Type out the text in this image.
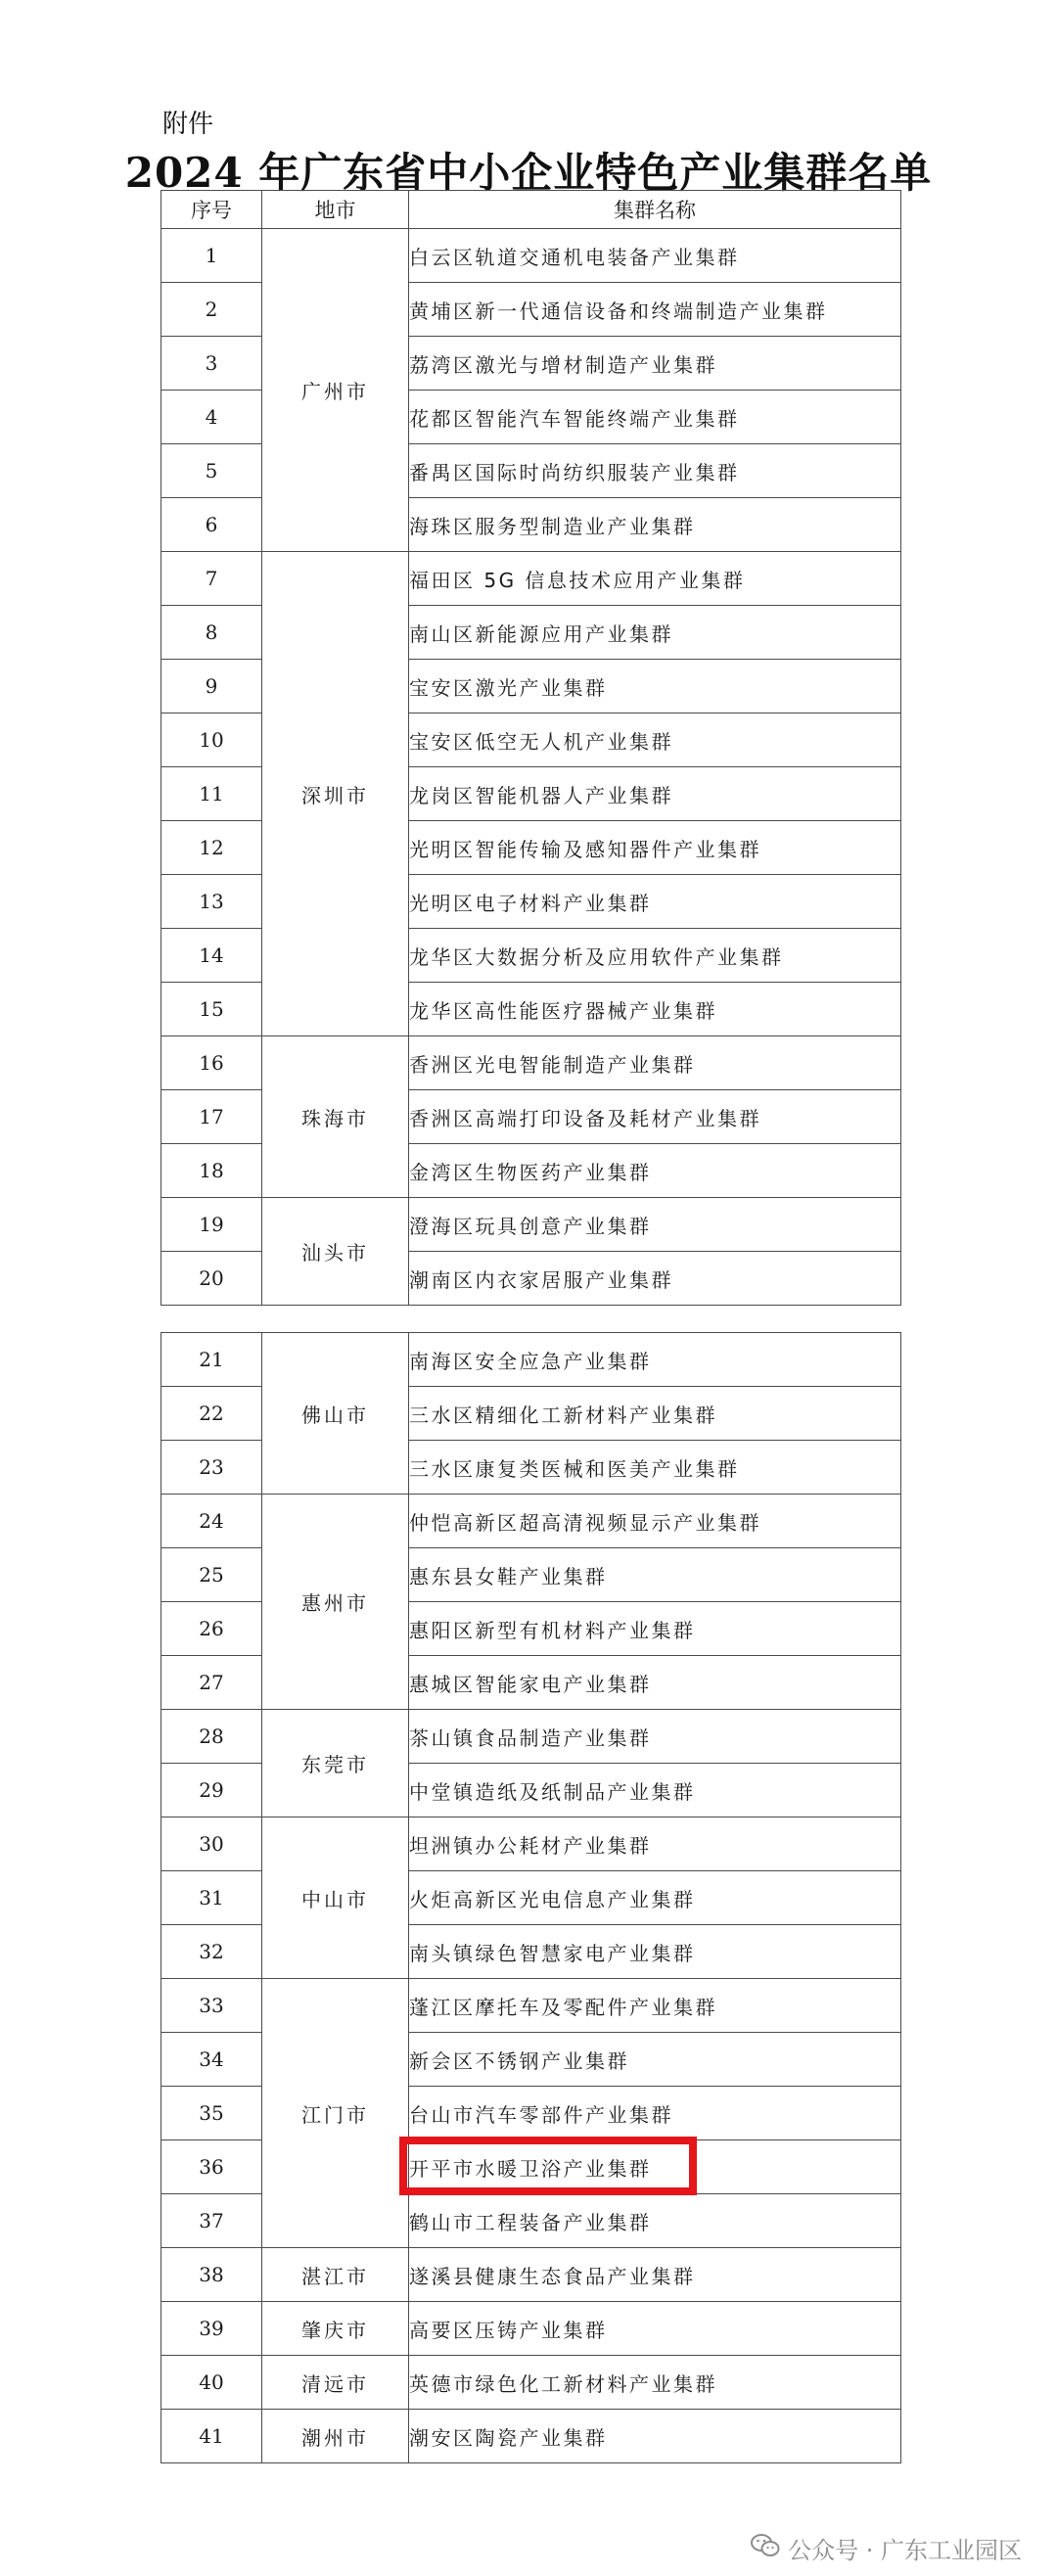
附件
2024 年广东省中小企业特色产业集群名单
序号	地市	集群名称
1	广州市	白云区轨道交通机电装备产业集群
2		黄埔区新一代通信设备和终端制造产业集群
3		荔湾区激光与增材制造产业集群
4		花都区智能汽车智能终端产业集群
5		番禺区国际时尚纺织服装产业集群
6		海珠区服务型制造业产业集群
7	深圳市	福田区 5G 信息技术应用产业集群
8		南山区新能源应用产业集群
9		宝安区激光产业集群
10		宝安区低空无人机产业集群
11		龙岗区智能机器人产业集群
12		光明区智能传输及感知器件产业集群
13		光明区电子材料产业集群
14		龙华区大数据分析及应用软件产业集群
15		龙华区高性能医疗器械产业集群
16	珠海市	香洲区光电智能制造产业集群
17		香洲区高端打印设备及耗材产业集群
18		金湾区生物医药产业集群
19	汕头市	澄海区玩具创意产业集群
20		潮南区内衣家居服产业集群
21	佛山市	南海区安全应急产业集群
22		三水区精细化工新材料产业集群
23		三水区康复类医械和医美产业集群
24	惠州市	仲恺高新区超高清视频显示产业集群
25		惠东县女鞋产业集群
26		惠阳区新型有机材料产业集群
27		惠城区智能家电产业集群
28	东莞市	茶山镇食品制造产业集群
29		中堂镇造纸及纸制品产业集群
30	中山市	坦洲镇办公耗材产业集群
31		火炬高新区光电信息产业集群
32		南头镇绿色智慧家电产业集群
33	江门市	蓬江区摩托车及零配件产业集群
34		新会区不锈钢产业集群
35		台山市汽车零部件产业集群
36		开平市水暖卫浴产业集群
37		鹤山市工程装备产业集群
38	湛江市	遂溪县健康生态食品产业集群
39	肇庆市	高要区压铸产业集群
40	清远市	英德市绿色化工新材料产业集群
41	潮州市	潮安区陶瓷产业集群
公众号 · 广东工业园区
